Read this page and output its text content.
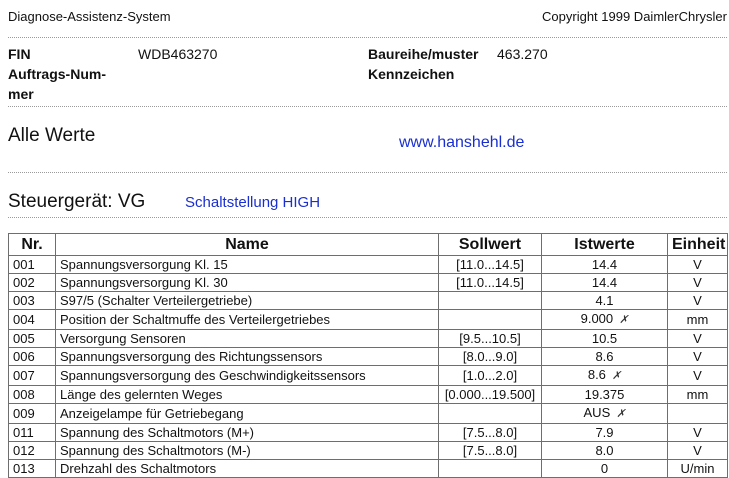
Diagnose-Assistenz-System	Copyright 1999 DaimlerChrysler
FIN	WDB463270	Baureihe/muster 463.270
Auftrags-Num-
mer
Kennzeichen
Alle Werte	www.hanshehl.de
Steuergerät: VG	Schaltstellung HIGH
Nr.	Name	Sollwert	Istwerte	Einheit
001	Spannungsversorgung Kl. 15	[11.0...14.5]	14.4	V
002	Spannungsversorgung Kl. 30	[11.0...14.5]	14.4	V
003	S97/5 (Schalter Verteilergetriebe)		4.1	V
004	Position der Schaltmuffe des Verteilergetriebes		9.000 ✗	mm
005	Versorgung Sensoren	[9.5...10.5]	10.5	V
006	Spannungsversorgung des Richtungssensors	[8.0...9.0]	8.6	V
007	Spannungsversorgung des Geschwindigkeitssensors	[1.0...2.0]	8.6 ✗	V
008	Länge des gelernten Weges	[0.000...19.500]	19.375	mm
009	Anzeigelampe für Getriebegang		AUS ✗	
011	Spannung des Schaltmotors (M+)	[7.5...8.0]	7.9	V
012	Spannung des Schaltmotors (M-)	[7.5...8.0]	8.0	V
013	Drehzahl des Schaltmotors		0	U/min
